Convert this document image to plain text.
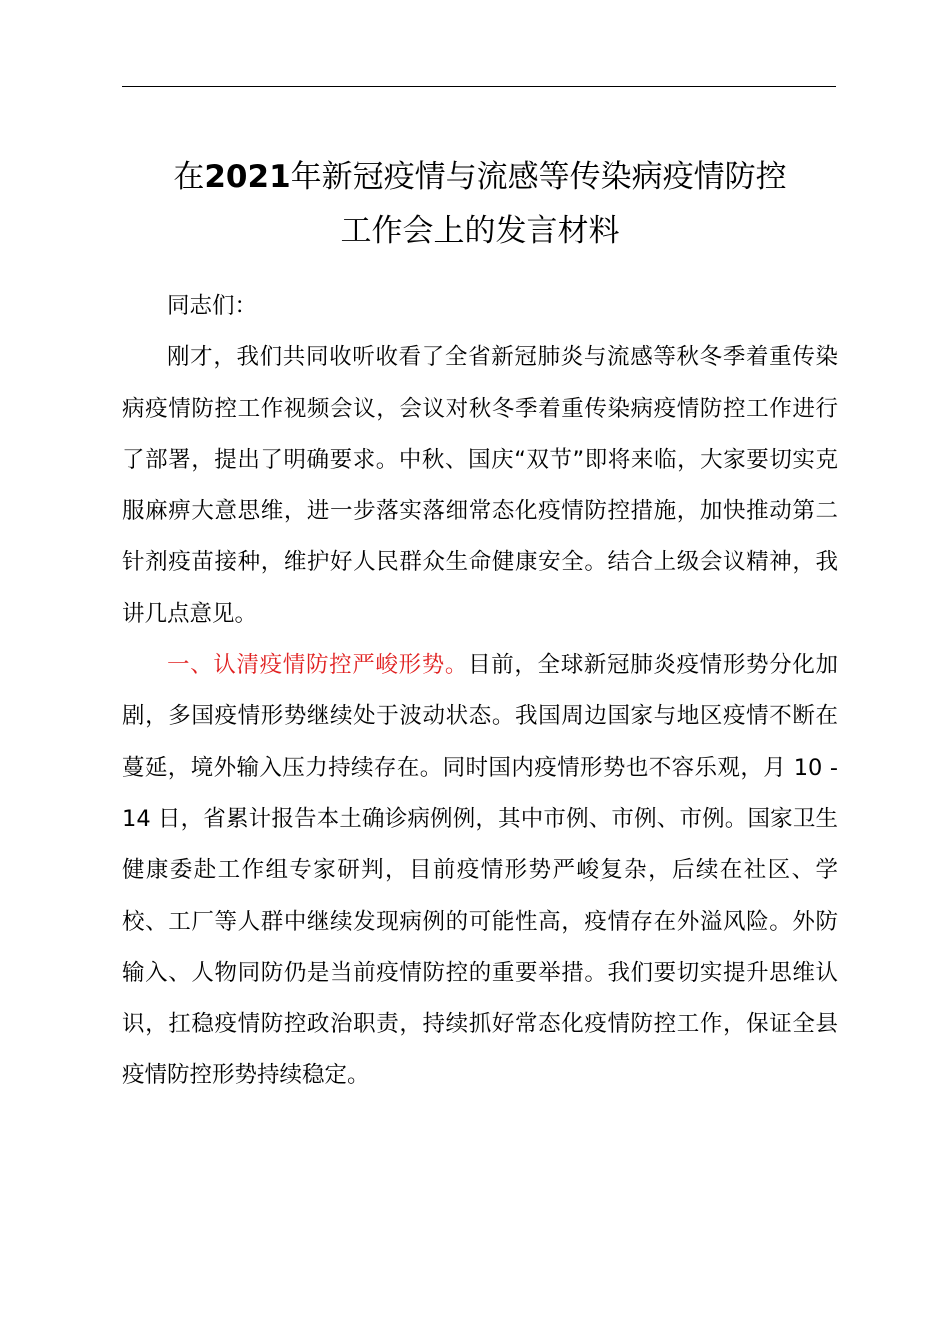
在2021年新冠疫情与流感等传染病疫情防控
工作会上的发言材料

同志们：

刚才，我们共同收听收看了全省新冠肺炎与流感等秋冬季着重传染病疫情防控工作视频会议，会议对秋冬季着重传染病疫情防控工作进行了部署，提出了明确要求。中秋、国庆“双节”即将来临，大家要切实克服麻痹大意思维，进一步落实落细常态化疫情防控措施，加快推动第二针剂疫苗接种，维护好人民群众生命健康安全。结合上级会议精神，我讲几点意见。

一、认清疫情防控严峻形势。目前，全球新冠肺炎疫情形势分化加剧，多国疫情形势继续处于波动状态。我国周边国家与地区疫情不断在蔓延，境外输入压力持续存在。同时国内疫情形势也不容乐观，月 10 - 14 日，省累计报告本土确诊病例例，其中市例、市例、市例。国家卫生健康委赴工作组专家研判，目前疫情形势严峻复杂，后续在社区、学校、工厂等人群中继续发现病例的可能性高，疫情存在外溢风险。外防输入、人物同防仍是当前疫情防控的重要举措。我们要切实提升思维认识，扛稳疫情防控政治职责，持续抓好常态化疫情防控工作，保证全县疫情防控形势持续稳定。
